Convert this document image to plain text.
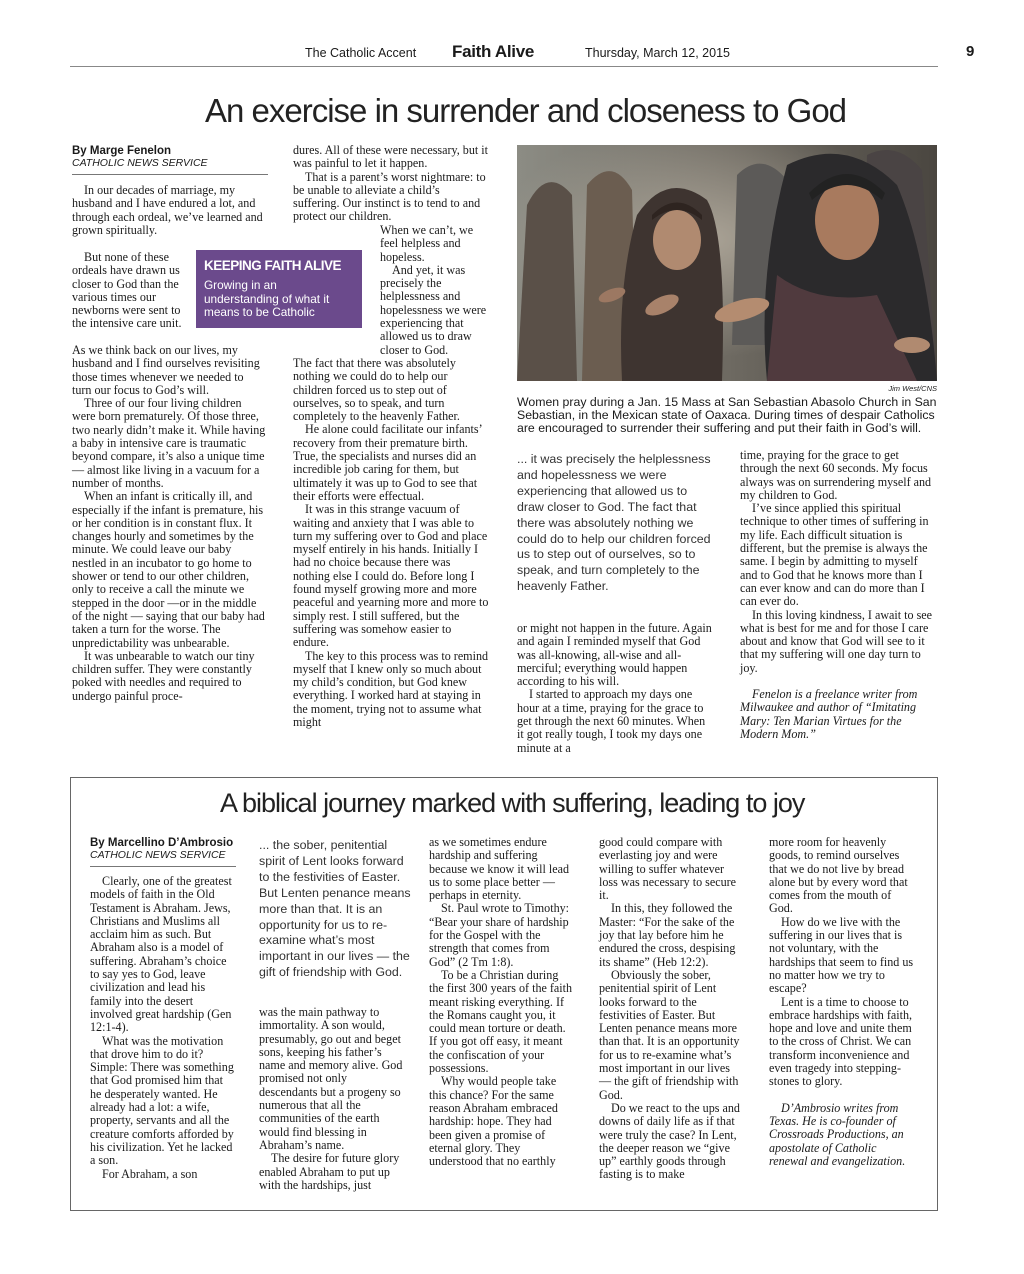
The Catholic Accent Faith Alive	Thursday, March 12, 2015	9
An exercise in surrender and closeness to God
By Marge Fenelon
CATHOLIC NEWS SERVICE
KEEPING FAITH ALIVE
Growing in an understanding of what it means to be Catholic

In our decades of marriage, my husband and I have endured a lot, and through each ordeal, we’ve learned and grown spiritually.

But none of these ordeals have drawn us closer to God than the various times our newborns were sent to the intensive care unit.

As we think back on our lives, my husband and I find ourselves revisiting those times whenever we needed to turn our focus to God’s will.

Three of our four living children were born prematurely. Of those three, two nearly didn’t make it. While having a baby in intensive care is traumatic beyond compare, it’s also a unique time — almost like living in a vacuum for a number of months.

When an infant is critically ill, and especially if the infant is premature, his or her condition is in constant flux. It changes hourly and sometimes by the minute. We could leave our baby nestled in an incubator to go home to shower or tend to our other children, only to receive a call the minute we stepped in the door —or in the middle of the night — saying that our baby had taken a turn for the worse. The unpredictability was unbearable.

It was unbearable to watch our tiny children suffer. They were constantly poked with needles and required to undergo painful proce-

dures. All of these were necessary, but it was painful to let it happen.

That is a parent’s worst nightmare: to be unable to alleviate a child’s suffering. Our instinct is to tend to and protect our children.

When we can’t, we feel helpless and hopeless.

And yet, it was precisely the helplessness and hopelessness we were experiencing that allowed us to draw closer to God.

The fact that there was absolutely nothing we could do to help our children forced us to step out of ourselves, so to speak, and turn completely to the heavenly Father.

He alone could facilitate our infants’ recovery from their premature birth. True, the specialists and nurses did an incredible job caring for them, but ultimately it was up to God to see that their efforts were effectual.

It was in this strange vacuum of waiting and anxiety that I was able to turn my suffering over to God and place myself entirely in his hands. Initially I had no choice because there was nothing else I could do. Before long I found myself growing more and more peaceful and yearning more and more to simply rest. I still suffered, but the suffering was somehow easier to endure.

The key to this process was to remind myself that I knew only so much about my child’s condition, but God knew everything. I worked hard at staying in the moment, trying not to assume what might

Jim West/CNS
Women pray during a Jan. 15 Mass at San Sebastian Abasolo Church in San Sebastian, in the Mexican state of Oaxaca. During times of despair Catholics are encouraged to surrender their suffering and put their faith in God’s will.
... it was precisely the helplessness and hopelessness we were experiencing that allowed us to draw closer to God. The fact that there was absolutely nothing we could do to help our children forced us to step out of ourselves, so to speak, and turn completely to the heavenly Father.

or might not happen in the future. Again and again I reminded myself that God was all-knowing, all-wise and all-merciful; everything would happen according to his will.

I started to approach my days one hour at a time, praying for the grace to get through the next 60 minutes. When it got really tough, I took my days one minute at a

time, praying for the grace to get through the next 60 seconds. My focus always was on surrendering myself and my children to God.

I’ve since applied this spiritual technique to other times of suffering in my life. Each difficult situation is different, but the premise is always the same. I begin by admitting to myself and to God that he knows more than I can ever know and can do more than I can ever do.

In this loving kindness, I await to see what is best for me and for those I care about and know that God will see to it that my suffering will one day turn to joy.

Fenelon is a freelance writer from Milwaukee and author of “Imitating Mary: Ten Marian Virtues for the Modern Mom.”

A biblical journey marked with suffering, leading to joy
By Marcellino D’Ambrosio
CATHOLIC NEWS SERVICE

Clearly, one of the greatest models of faith in the Old Testament is Abraham. Jews, Christians and Muslims all acclaim him as such. But Abraham also is a model of suffering. Abraham’s choice to say yes to God, leave civilization and lead his family into the desert involved great hardship (Gen 12:1-4).

What was the motivation that drove him to do it? Simple: There was something that God promised him that he desperately wanted. He already had a lot: a wife, property, servants and all the creature comforts afforded by his civilization. Yet he lacked a son.

For Abraham, a son

... the sober, penitential spirit of Lent looks forward to the festivities of Easter. But Lenten penance means more than that. It is an opportunity for us to re-examine what’s most important in our lives — the gift of friendship with God.

was the main pathway to immortality. A son would, presumably, go out and beget sons, keeping his father’s name and memory alive. God promised not only descendants but a progeny so numerous that all the communities of the earth would find blessing in Abraham’s name.

The desire for future glory enabled Abraham to put up with the hardships, just

as we sometimes endure hardship and suffering because we know it will lead us to some place better — perhaps in eternity.

St. Paul wrote to Timothy: “Bear your share of hardship for the Gospel with the strength that comes from God” (2 Tm 1:8).

To be a Christian during the first 300 years of the faith meant risking everything. If the Romans caught you, it could mean torture or death. If you got off easy, it meant the confiscation of your possessions.

Why would people take this chance? For the same reason Abraham embraced hardship: hope. They had been given a promise of eternal glory. They understood that no earthly

good could compare with everlasting joy and were willing to suffer whatever loss was necessary to secure it.

In this, they followed the Master: “For the sake of the joy that lay before him he endured the cross, despising its shame” (Heb 12:2).

Obviously the sober, penitential spirit of Lent looks forward to the festivities of Easter. But Lenten penance means more than that. It is an opportunity for us to re-examine what’s most important in our lives — the gift of friendship with God.

Do we react to the ups and downs of daily life as if that were truly the case? In Lent, the deeper reason we “give up” earthly goods through fasting is to make

more room for heavenly goods, to remind ourselves that we do not live by bread alone but by every word that comes from the mouth of God.

How do we live with the suffering in our lives that is not voluntary, with the hardships that seem to find us no matter how we try to escape?

Lent is a time to choose to embrace hardships with faith, hope and love and unite them to the cross of Christ. We can transform inconvenience and even tragedy into stepping-stones to glory.

D’Ambrosio writes from Texas. He is co-founder of Crossroads Productions, an apostolate of Catholic renewal and evangelization.
